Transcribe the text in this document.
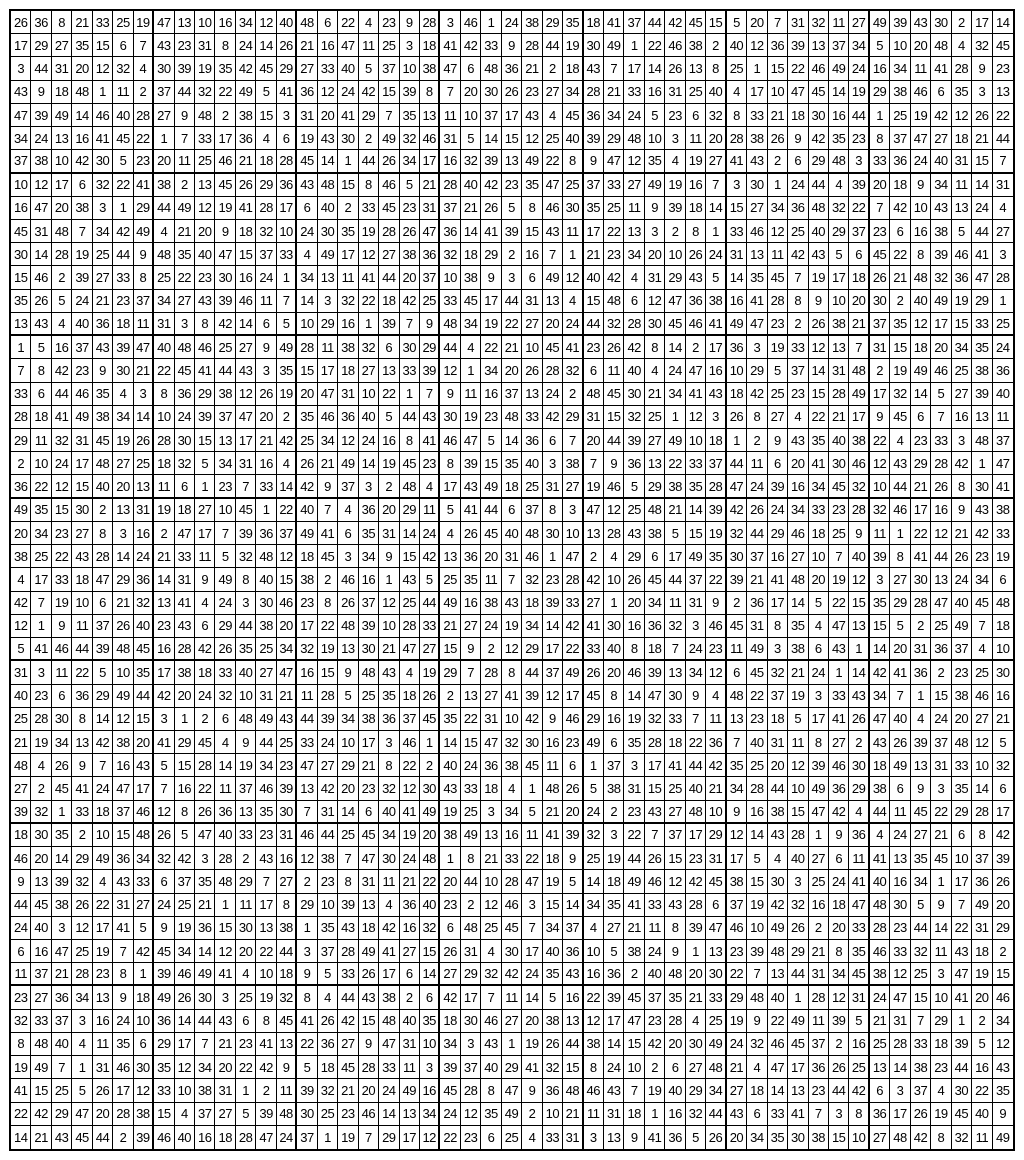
26 36 8 21 33 25 19 47 13 10 16 34 12 40 48 6 22 4 23 9 28 3 46 1 24 38 29 35 18 41 37 44 42 45 15 5 20 7 31 32 11 27 49 39 43 30 2 17 14
17 29 27 35 15 6	7 43 23 31 8 24 14 26 21 16 47 11 25 3 18 41 42 33 9 28 44 19 30 49 1 22 46 38 2 40 12 36 39 13 37 34 5 10 20 48 4 32 45
3 44 31 20 12 32 4 30 39 19 35 42 45 29 27 33 40 5 37 10 38 47 6 48 36 21 2 18 43 7 17 14 26 13 8 25 1 15 22 46 49 24 16 34 11 41 28 9 23
43 9 18 48 1 11 2 37 44 32 22 49 5 41 36 12 24 42 15 39 8	7 20 30 26 23 27 34 28 21 33 16 31 25 40 4 17 10 47 45 14 19 29 38 46 6 35 3 13
47 39 49 14 46 40 28 27 9 48 2 38 15 3 31 20 41 29 7 35 13 11 10 37 17 43 4 45 36 34 24 5 23 6 32 8 33 21 18 30 16 44 1 25 19 42 12 26 22
34 24 13 16 41 45 22 1	7 33 17 36 4	6 19 43 30 2 49 32 46 31 5 14 15 12 25 40 39 29 48 10 3 11 20 28 38 26 9 42 35 23 8 37 47 27 18 21 44
37 38 10 42 30 5 23 20 11 25 46 21 18 28 45 14 1 44 26 34 17 16 32 39 13 49 22 8	9 47 12 35 4 19 27 41 43 2	6 29 48 3 33 36 24 40 31 15 7
10 12 17 6 32 22 41 38 2 13 45 26 29 36 43 48 15 8 46 5 21 28 40 42 23 35 47 25 37 33 27 49 19 16 7	3 30 1 24 44 4 39 20 18 9 34 11 14 31
16 47 20 38 3	1 29 44 49 12 19 41 28 17 6 40 2 33 45 23 31 37 21 26 5	8 46 30 35 25 11 9 39 18 14 15 27 34 36 48 32 22 7 42 10 43 13 24 4
45 31 48 7 34 42 49 4 21 20 9 18 32 10 24 30 35 19 28 26 47 36 14 41 39 15 43 11 17 22 13 3	2	8	1 33 46 12 25 40 29 37 23 6 16 38 5 44 27
30 14 28 19 25 44 9 48 35 40 47 15 37 33 4 49 17 12 27 38 36 32 18 29 2 16 7	1 21 23 34 20 10 26 24 31 13 11 42 43 5	6 45 22 8 39 46 41 3
15 46 2 39 27 33 8 25 22 23 30 16 24 1 34 13 11 41 44 20 37 10 38 9	3	6 49 12 40 42 4 31 29 43 5 14 35 45 7 19 17 18 26 21 48 32 36 47 28
35 26 5 24 21 23 37 34 27 43 39 46 11 7 14 3 32 22 18 42 25 33 45 17 44 31 13 4 15 48 6 12 47 36 38 16 41 28 8	9 10 20 30 2 40 49 19 29 1
13 43 4 40 36 18 11 31 3	8 42 14 6	5 10 29 16 1 39 7	9 48 34 19 22 27 20 24 44 32 28 30 45 46 41 49 47 23 2 26 38 21 37 35 12 17 15 33 25
1	5 16 37 43 39 47 40 48 46 25 27 9 49 28 11 38 32 6 30 29 44 4 22 21 10 45 41 23 26 42 8 14 2 17 36 3 19 33 12 13 7 31 15 18 20 34 35 24
7	8 42 23 9 30 21 22 45 41 44 43 3 35 15 17 18 27 13 33 39 12 1 34 20 26 28 32 6 11 40 4 24 47 16 10 29 5 37 14 31 48 2 19 49 46 25 38 36
33 6 44 46 35 4	3	8 36 29 38 12 26 19 20 47 31 10 22 1	7	9 11 16 37 13 24 2 48 45 30 21 34 41 43 18 42 25 23 15 28 49 17 32 14 5 27 39 40
28 18 41 49 38 34 14 10 24 39 37 47 20 2 35 46 36 40 5 44 43 30 19 23 48 33 42 29 31 15 32 25 1 12 3 26 8 27 4 22 21 17 9 45 6	7 16 13 11
29 11 32 31 45 19 26 28 30 15 13 17 21 42 25 34 12 24 16 8 41 46 47 5 14 36 6	7 20 44 39 27 49 10 18 1	2	9 43 35 40 38 22 4 23 33 3 48 37
2 10 24 17 48 27 25 18 32 5 34 31 16 4 26 21 49 14 19 45 23 8 39 15 35 40 3 38 7	9 36 13 22 33 37 44 11 6 20 41 30 46 12 43 29 28 42 1 47
36 22 12 15 40 20 13 11 6	1 23 7 33 14 42 9 37 3	2 48 4 17 43 49 18 25 31 27 19 46 5 29 38 35 28 47 24 39 16 34 45 32 10 44 21 26 8 30 41
49 35 15 30 2 13 31 19 18 27 10 45 1 22 40 7	4 36 20 29 11 5 41 44 6 37 8	3 47 12 25 48 21 14 39 42 26 24 34 33 23 28 32 46 17 16 9 43 38
20 34 23 27 8	3 16 2 47 17 7 39 36 37 49 41 6 35 31 14 24 4 26 45 40 48 30 10 13 28 43 38 5 15 19 32 44 29 46 18 25 9 11 1 22 12 21 42 33
38 25 22 43 28 14 24 21 33 11 5 32 48 12 18 45 3 34 9 15 42 13 36 20 31 46 1 47 2	4 29 6 17 49 35 30 37 16 27 10 7 40 39 8 41 44 26 23 19
4 17 33 18 47 29 36 14 31 9 49 8 40 15 38 2 46 16 1 43 5 25 35 11 7 32 23 28 42 10 26 45 44 37 22 39 21 41 48 20 19 12 3 27 30 13 24 34 6
42 7 19 10 6 21 32 13 41 4 24 3 30 46 23 8 26 37 12 25 44 49 16 38 43 18 39 33 27 1 20 34 11 31 9	2 36 17 14 5 22 15 35 29 28 47 40 45 48
12 1	9 11 37 26 40 23 43 6 29 44 38 20 17 22 48 39 10 28 33 21 27 24 19 34 14 42 41 30 16 36 32 3 46 45 31 8 35 4 47 13 15 5	2 25 49 7 18
5 41 46 44 39 48 45 16 28 42 26 35 25 34 32 19 13 30 21 47 27 15 9	2 12 29 17 22 33 40 8 18 7 24 23 11 49 3 38 6 43 1 14 20 31 36 37 4 10
31 3 11 22 5 10 35 17 38 18 33 40 27 47 16 15 9 48 43 4 19 29 7 28 8 44 37 49 26 20 46 39 13 34 12 6 45 32 21 24 1 14 42 41 36 2 23 25 30
40 23 6 36 29 49 44 42 20 24 32 10 31 21 11 28 5 25 35 18 26 2 13 27 41 39 12 17 45 8 14 47 30 9	4 48 22 37 19 3 33 43 34 7	1 15 38 46 16
25 28 30 8 14 12 15 3	1	2	6 48 49 43 44 39 34 38 36 37 45 35 22 31 10 42 9 46 29 16 19 32 33 7 11 13 23 18 5 17 41 26 47 40 4 24 20 27 21
21 19 34 13 42 38 20 41 29 45 4	9 44 25 33 24 10 17 3 46 1 14 15 47 32 30 16 23 49 6 35 28 18 22 36 7 40 31 11 8 27 2 43 26 39 37 48 12 5
48 4 26 9	7 16 43 5 15 28 14 19 34 23 47 27 29 21 8 22 2 40 24 36 38 45 11 6	1 37 3 17 41 44 42 35 25 20 12 39 46 30 18 49 13 31 33 10 32
27 2 45 41 24 47 17 7 16 22 11 37 46 39 13 42 20 23 32 12 30 43 33 18 4	1 48 26 5 38 31 15 25 40 21 34 28 44 10 49 36 29 38 6	9	3 35 14 6
39 32 1 33 18 37 46 12 8 26 36 13 35 30 7 31 14 6 40 41 49 19 25 3 34 5 21 20 24 2 23 43 27 48 10 9 16 38 15 47 42 4 44 11 45 22 29 28 17
18 30 35 2 10 15 48 26 5 47 40 33 23 31 46 44 25 45 34 19 20 38 49 13 16 11 41 39 32 3 22 7 37 17 29 12 14 43 28 1	9 36 4 24 27 21 6	8 42
46 20 14 29 49 36 34 32 42 3 28 2 43 16 12 38 7 47 30 24 48 1	8 21 33 22 18 9 25 19 44 26 15 23 31 17 5	4 40 27 6 11 41 13 35 45 10 37 39
9 13 39 32 4 43 33 6 37 35 48 29 7 27 2 23 8 31 11 21 22 20 44 10 28 47 19 5 14 18 49 46 12 42 45 38 15 30 3 25 24 41 40 16 34 1 17 36 26
44 45 38 26 22 31 27 24 25 21 1 11 17 8 29 10 39 13 4 36 40 23 2 12 46 3 15 14 34 35 41 33 43 28 6 37 19 42 32 16 18 47 48 30 5	9	7 49 20
24 40 3 12 17 41 5	9 19 36 15 30 13 38 1 35 43 18 42 16 32 6 48 25 45 7 34 37 4 27 21 11 8 39 47 46 10 49 26 2 20 33 28 23 44 14 22 31 29
6 16 47 25 19 7 42 45 34 14 12 20 22 44 3 37 28 49 41 27 15 26 31 4 30 17 40 36 10 5 38 24 9	1 13 23 39 48 29 21 8 35 46 33 32 11 43 18 2
11 37 21 28 23 8	1 39 46 49 41 4 10 18 9	5 33 26 17 6 14 27 29 32 42 24 35 43 16 36 2 40 48 20 30 22 7 13 44 31 34 45 38 12 25 3 47 19 15
23 27 36 34 13 9 18 49 26 30 3 25 19 32 8	4 44 43 38 2	6 42 17 7 11 14 5 16 22 39 45 37 35 21 33 29 48 40 1 28 12 31 24 47 15 10 41 20 46
32 33 37 3 16 24 10 36 14 44 43 6	8 45 41 26 42 15 48 40 35 18 30 46 27 20 38 13 12 17 47 23 28 4 25 19 9 22 49 11 39 5 21 31 7 29 1	2 34
8 48 40 4 11 35 6 29 17 7 21 23 41 13 22 36 27 9 47 31 10 34 3 43 1 19 26 44 38 14 15 42 20 30 49 24 32 46 45 37 2 16 25 28 33 18 39 5 12
19 49 7	1 31 46 30 35 12 34 20 22 42 9	5 18 45 28 33 11 3 39 37 40 29 41 32 15 8 24 10 2	6 27 48 21 4 47 17 36 26 25 13 14 38 23 44 16 43
41 15 25 5 26 17 12 33 10 38 31 1	2 11 39 32 21 20 24 49 16 45 28 8 47 9 36 48 46 43 7 19 40 29 34 27 18 14 13 23 44 42 6	3 37 4 30 22 35
22 42 29 47 20 28 38 15 4 37 27 5 39 48 30 25 23 46 14 13 34 24 12 35 49 2 10 21 11 31 18 1 16 32 44 43 6 33 41 7	3	8 36 17 26 19 45 40 9
14 21 43 45 44 2 39 46 40 16 18 28 47 24 37 1 19 7 29 17 12 22 23 6 25 4 33 31 3 13 9 41 36 5 26 20 34 35 30 38 15 10 27 48 42 8 32 11 49
